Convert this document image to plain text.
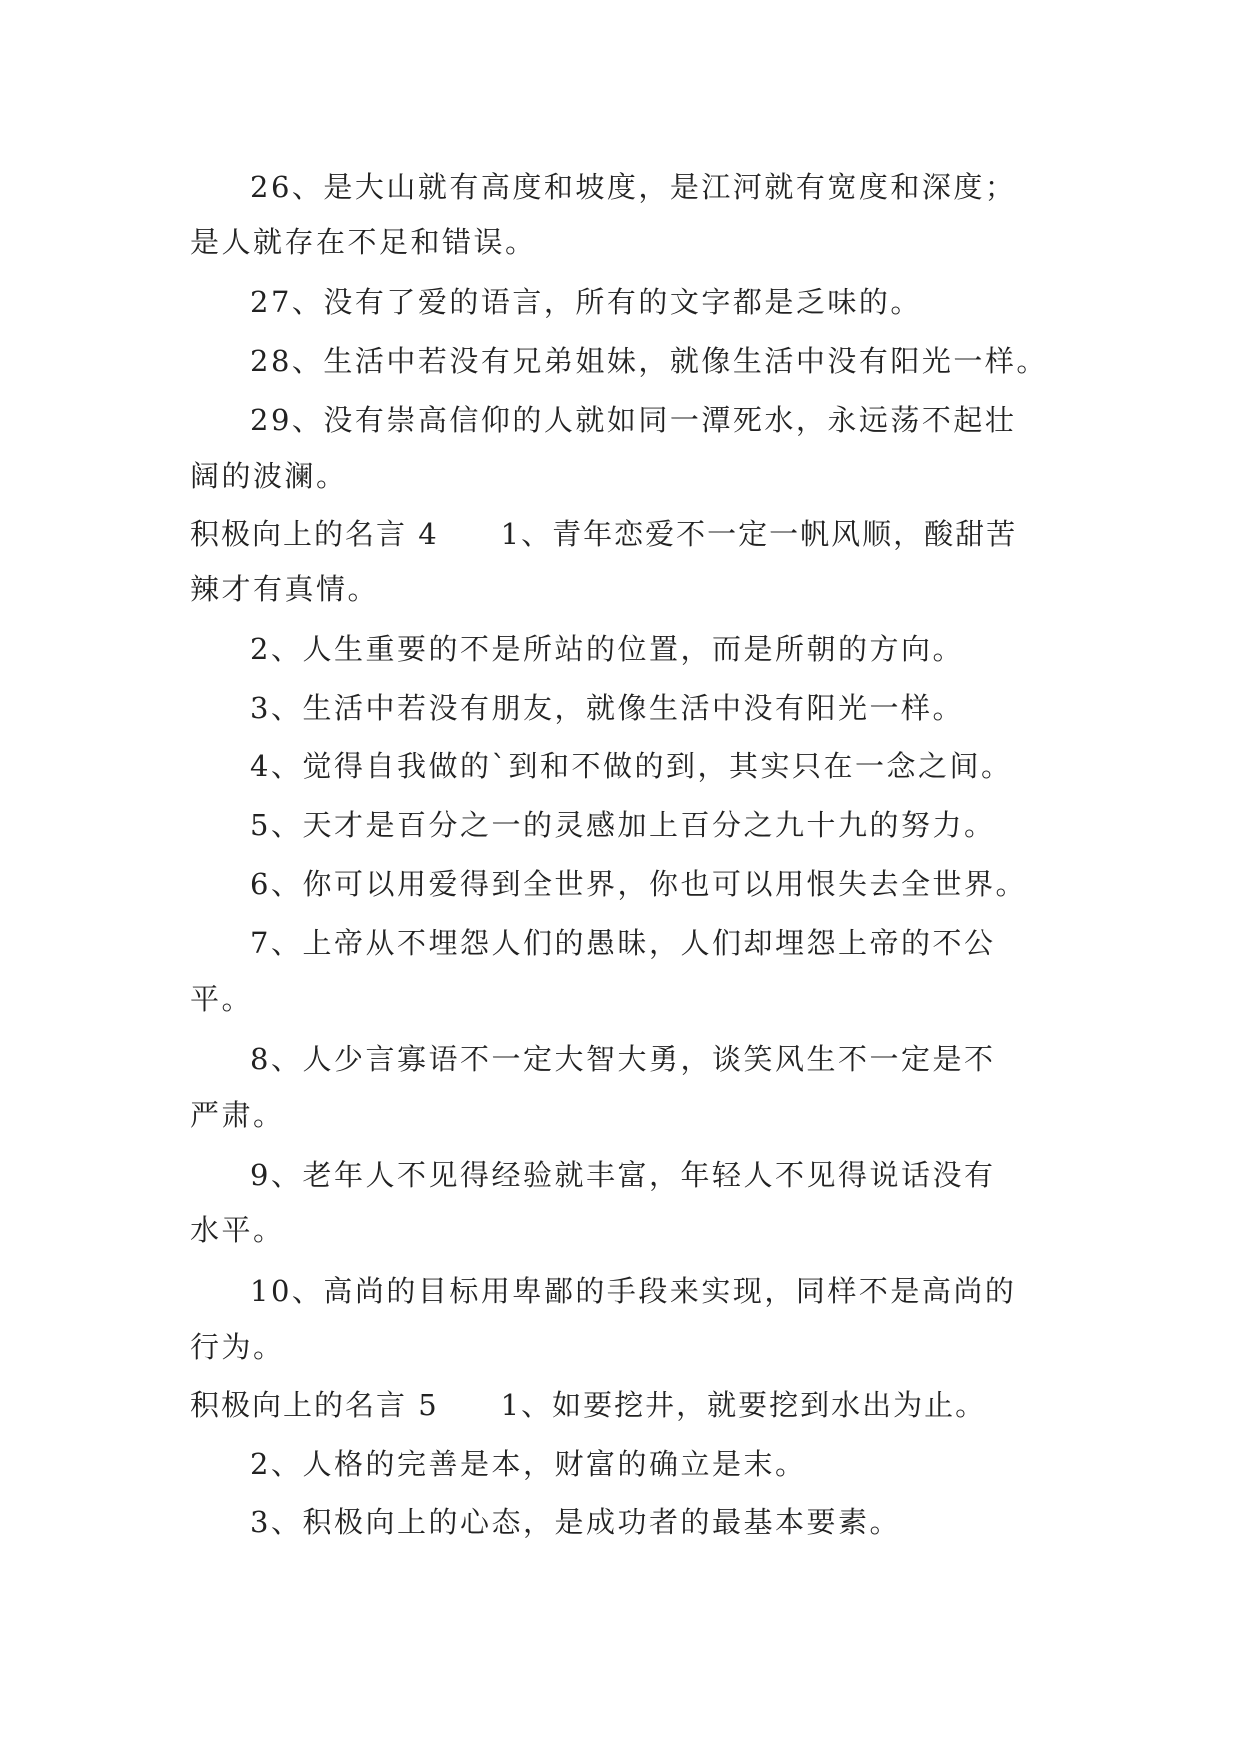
26、是大山就有高度和坡度，是江河就有宽度和深度；
是人就存在不足和错误。
27、没有了爱的语言，所有的文字都是乏味的。
28、生活中若没有兄弟姐妹，就像生活中没有阳光一样。
29、没有崇高信仰的人就如同一潭死水，永远荡不起壮
阔的波澜。
积极向上的名言 4 1、青年恋爱不一定一帆风顺，酸甜苦
辣才有真情。
2、人生重要的不是所站的位置，而是所朝的方向。
3、生活中若没有朋友，就像生活中没有阳光一样。
4、觉得自我做的`到和不做的到，其实只在一念之间。
5、天才是百分之一的灵感加上百分之九十九的努力。
6、你可以用爱得到全世界，你也可以用恨失去全世界。
7、上帝从不埋怨人们的愚昧，人们却埋怨上帝的不公
平。
8、人少言寡语不一定大智大勇，谈笑风生不一定是不
严肃。
9、老年人不见得经验就丰富，年轻人不见得说话没有
水平。
10、高尚的目标用卑鄙的手段来实现，同样不是高尚的
行为。
积极向上的名言 5 1、如要挖井，就要挖到水出为止。
2、人格的完善是本，财富的确立是末。
3、积极向上的心态，是成功者的最基本要素。
